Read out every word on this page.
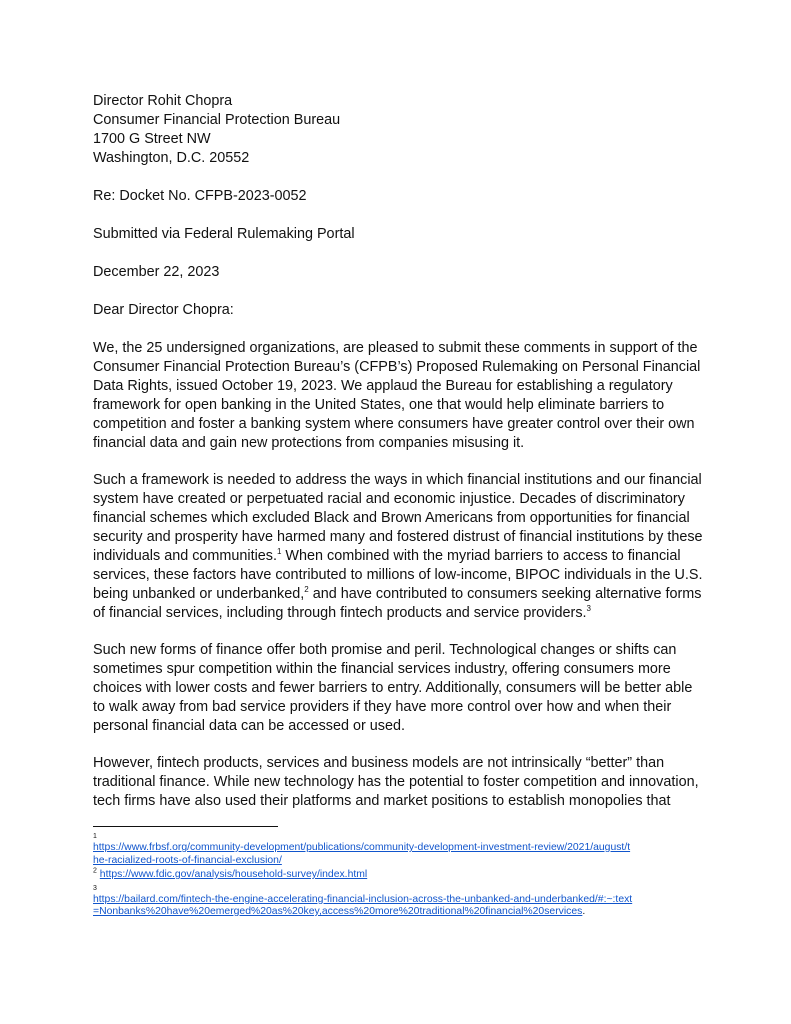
Director Rohit Chopra

Consumer Financial Protection Bureau

1700 G Street NW

Washington, D.C. 20552

Re: Docket No. CFPB-2023-0052

Submitted via Federal Rulemaking Portal

December 22, 2023

Dear Director Chopra:

We, the 25 undersigned organizations, are pleased to submit these comments in support of the
Consumer Financial Protection Bureau’s (CFPB’s) Proposed Rulemaking on Personal Financial
Data Rights, issued October 19, 2023. We applaud the Bureau for establishing a regulatory
framework for open banking in the United States, one that would help eliminate barriers to
competition and foster a banking system where consumers have greater control over their own
financial data and gain new protections from companies misusing it.

Such a framework is needed to address the ways in which financial institutions and our financial
system have created or perpetuated racial and economic injustice. Decades of discriminatory
financial schemes which excluded Black and Brown Americans from opportunities for financial
security and prosperity have harmed many and fostered distrust of financial institutions by these
individuals and communities.$^1$ When combined with the myriad barriers to access to financial
services, these factors have contributed to millions of low-income, BIPOC individuals in the U.S.
being unbanked or underbanked,$^2$ and have contributed to consumers seeking alternative forms
of financial services, including through fintech products and service providers.$^3$

Such new forms of finance offer both promise and peril. Technological changes or shifts can
sometimes spur competition within the financial services industry, offering consumers more
choices with lower costs and fewer barriers to entry. Additionally, consumers will be better able
to walk away from bad service providers if they have more control over how and when their
personal financial data can be accessed or used.

However, fintech products, services and business models are not intrinsically “better” than
traditional finance. While new technology has the potential to foster competition and innovation,
tech firms have also used their platforms and market positions to establish monopolies that

1
https://www.frbsf.org/community-development/publications/community-development-investment-review/2021/august/t
he-racialized-roots-of-financial-exclusion/
$^2$ https://www.fdic.gov/analysis/household-survey/index.html
3
https://bailard.com/fintech-the-engine-accelerating-financial-inclusion-across-the-unbanked-and-underbanked/#:~:text
=Nonbanks%20have%20emerged%20as%20key,access%20more%20traditional%20financial%20services.
